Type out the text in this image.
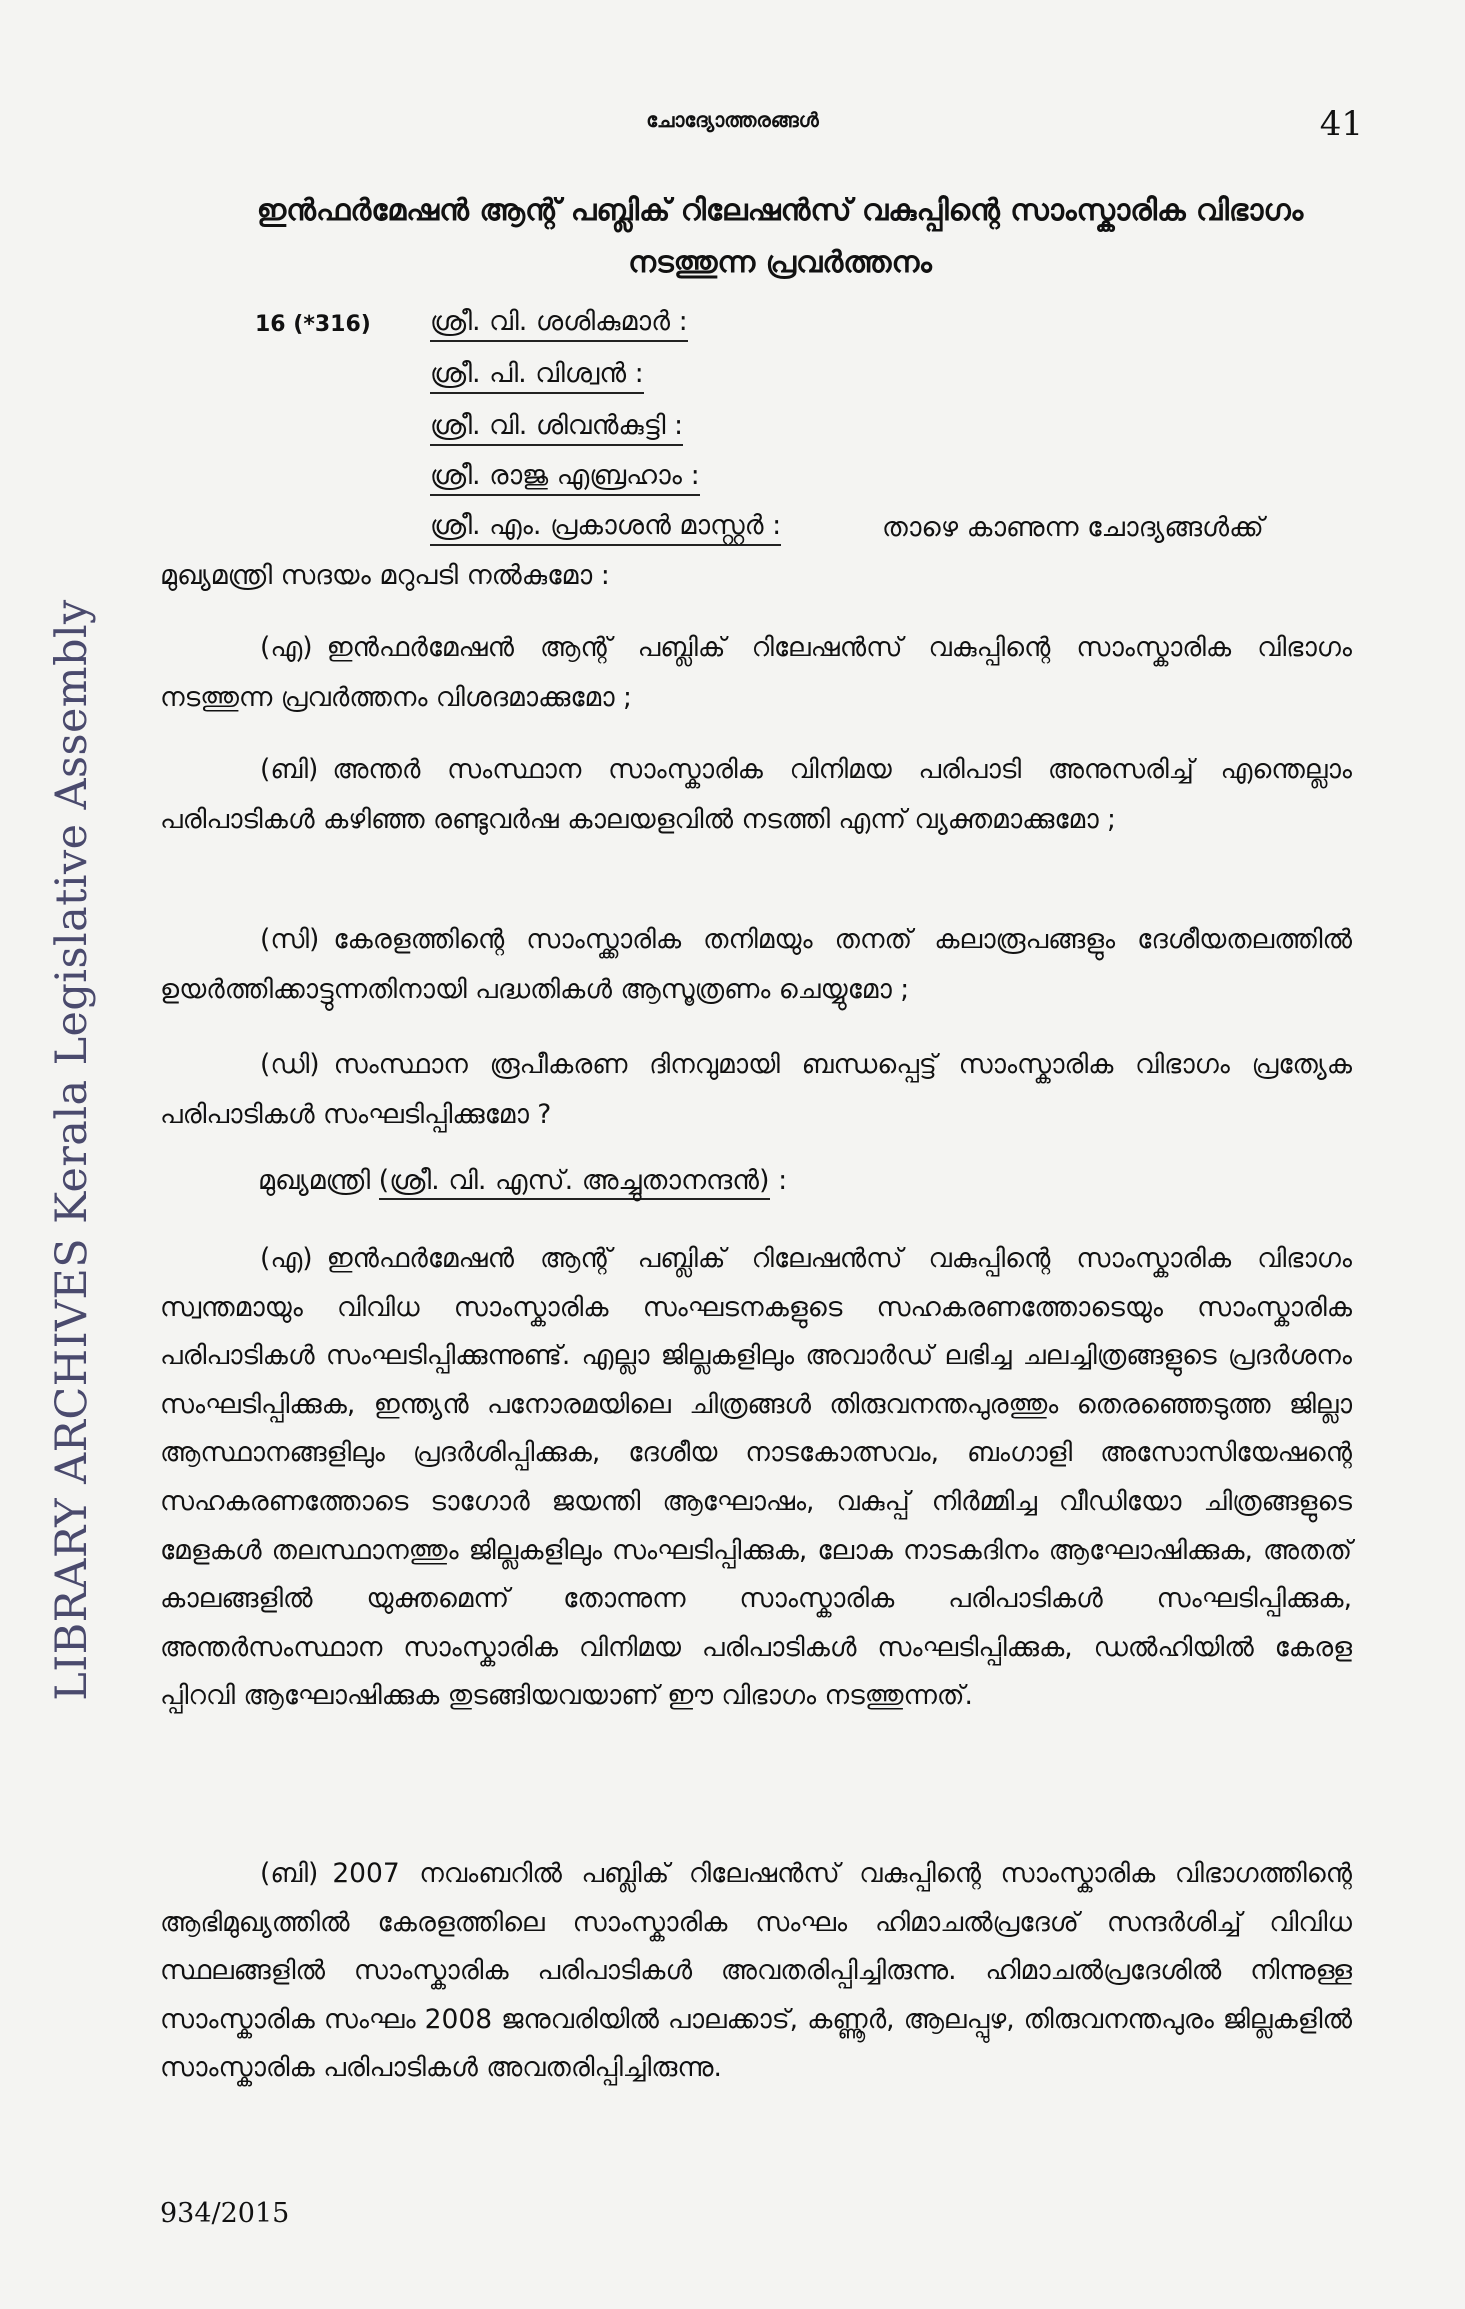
LIBRARY ARCHIVES Kerala Legislative Assembly
ചോദ്യോത്തരങ്ങൾ	41
ഇൻഫർമേഷൻ ആന്റ് പബ്ലിക് റിലേഷൻസ് വകുപ്പിന്റെ സാംസ്കാരിക വിഭാഗം നടത്തുന്ന പ്രവർത്തനം
16 (*316) ശ്രീ. വി. ശശികുമാർ :
ശ്രീ. പി. വിശ്വൻ :
ശ്രീ. വി. ശിവൻകുട്ടി :
ശ്രീ. രാജു എബ്രഹാം :
ശ്രീ. എം. പ്രകാശൻ മാസ്റ്റർ :	താഴെ കാണുന്ന ചോദ്യങ്ങൾക്ക്
മുഖ്യമന്ത്രി സദയം മറുപടി നൽകുമോ :

(എ) ഇൻഫർമേഷൻ ആന്റ് പബ്ലിക് റിലേഷൻസ് വകുപ്പിന്റെ സാംസ്കാരിക വിഭാഗം നടത്തുന്ന പ്രവർത്തനം വിശദമാക്കുമോ ;

(ബി) അന്തർ സംസ്ഥാന സാംസ്കാരിക വിനിമയ പരിപാടി അനുസരിച്ച് എന്തെല്ലാം പരിപാടികൾ കഴിഞ്ഞ രണ്ടുവർഷ കാലയളവിൽ നടത്തി എന്ന് വ്യക്തമാക്കുമോ ;

(സി) കേരളത്തിന്റെ സാംസ്ക്കാരിക തനിമയും തനത് കലാരൂപങ്ങളും ദേശീയതലത്തിൽ ഉയർത്തിക്കാട്ടുന്നതിനായി പദ്ധതികൾ ആസൂത്രണം ചെയ്യുമോ ;

(ഡി) സംസ്ഥാന രൂപീകരണ ദിനവുമായി ബന്ധപ്പെട്ട് സാംസ്കാരിക വിഭാഗം പ്രത്യേക പരിപാടികൾ സംഘടിപ്പിക്കുമോ ?

മുഖ്യമന്ത്രി (ശ്രീ. വി. എസ്. അച്ചുതാനന്ദൻ) :

(എ) ഇൻഫർമേഷൻ ആന്റ് പബ്ലിക് റിലേഷൻസ് വകുപ്പിന്റെ സാംസ്കാരിക വിഭാഗം സ്വന്തമായും വിവിധ സാംസ്കാരിക സംഘടനകളുടെ സഹകരണത്തോടെയും സാംസ്കാരിക പരിപാടികൾ സംഘടിപ്പിക്കുന്നുണ്ട്. എല്ലാ ജില്ലകളിലും അവാർഡ് ലഭിച്ച ചലച്ചിത്രങ്ങളുടെ പ്രദർശനം സംഘടിപ്പിക്കുക, ഇന്ത്യൻ പനോരമയിലെ ചിത്രങ്ങൾ തിരുവനന്തപുരത്തും തെരഞ്ഞെടുത്ത ജില്ലാ ആസ്ഥാനങ്ങളിലും പ്രദർശിപ്പിക്കുക, ദേശീയ നാടകോത്സവം, ബംഗാളി അസോസിയേഷന്റെ സഹകരണത്തോടെ ടാഗോർ ജയന്തി ആഘോഷം, വകുപ്പ് നിർമ്മിച്ച വീഡിയോ ചിത്രങ്ങളുടെ മേളകൾ തലസ്ഥാനത്തും ജില്ലകളിലും സംഘടിപ്പിക്കുക, ലോക നാടകദിനം ആഘോഷിക്കുക, അതത് കാലങ്ങളിൽ യുക്തമെന്ന് തോന്നുന്ന സാംസ്കാരിക പരിപാടികൾ സംഘടിപ്പിക്കുക, അന്തർസംസ്ഥാന സാംസ്കാരിക വിനിമയ പരിപാടികൾ സംഘടിപ്പിക്കുക, ഡൽഹിയിൽ കേരള പ്പിറവി ആഘോഷിക്കുക തുടങ്ങിയവയാണ് ഈ വിഭാഗം നടത്തുന്നത്.

(ബി) 2007 നവംബറിൽ പബ്ലിക് റിലേഷൻസ് വകുപ്പിന്റെ സാംസ്കാരിക വിഭാഗത്തിന്റെ ആഭിമുഖ്യത്തിൽ കേരളത്തിലെ സാംസ്കാരിക സംഘം ഹിമാചൽപ്രദേശ് സന്ദർശിച്ച് വിവിധ സ്ഥലങ്ങളിൽ സാംസ്കാരിക പരിപാടികൾ അവതരിപ്പിച്ചിരുന്നു. ഹിമാചൽപ്രദേശിൽ നിന്നുള്ള സാംസ്കാരിക സംഘം 2008 ജനുവരിയിൽ പാലക്കാട്, കണ്ണൂർ, ആലപ്പുഴ, തിരുവനന്തപുരം ജില്ലകളിൽ സാംസ്കാരിക പരിപാടികൾ അവതരിപ്പിച്ചിരുന്നു.

934/2015
